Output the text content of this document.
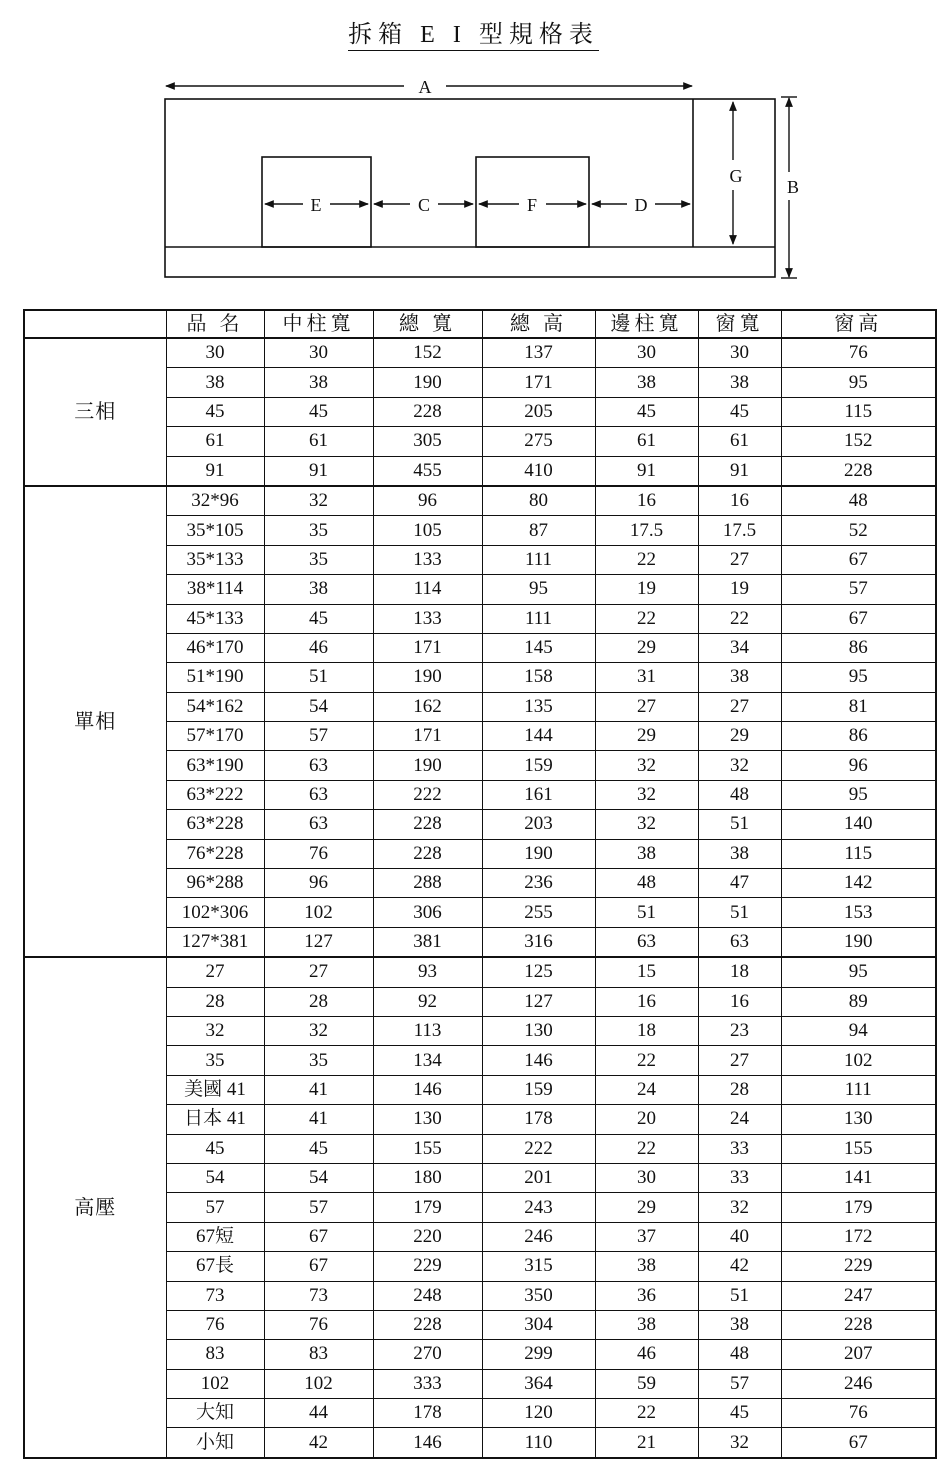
拆箱 E I 型規格表
A
E	C	F	D
G
B
	品 名	中柱寬	總 寬	總 高	邊柱寬	窗寬	窗高
三相	30	30	152	137	30	30	76
	38	38	190	171	38	38	95
	45	45	228	205	45	45	115
	61	61	305	275	61	61	152
	91	91	455	410	91	91	228
單相	32*96	32	96	80	16	16	48
	35*105	35	105	87	17.5	17.5	52
	35*133	35	133	111	22	27	67
	38*114	38	114	95	19	19	57
	45*133	45	133	111	22	22	67
	46*170	46	171	145	29	34	86
	51*190	51	190	158	31	38	95
	54*162	54	162	135	27	27	81
	57*170	57	171	144	29	29	86
	63*190	63	190	159	32	32	96
	63*222	63	222	161	32	48	95
	63*228	63	228	203	32	51	140
	76*228	76	228	190	38	38	115
	96*288	96	288	236	48	47	142
	102*306	102	306	255	51	51	153
	127*381	127	381	316	63	63	190
高壓	27	27	93	125	15	18	95
	28	28	92	127	16	16	89
	32	32	113	130	18	23	94
	35	35	134	146	22	27	102
	美國 41	41	146	159	24	28	111
	日本 41	41	130	178	20	24	130
	45	45	155	222	22	33	155
	54	54	180	201	30	33	141
	57	57	179	243	29	32	179
	67短	67	220	246	37	40	172
	67長	67	229	315	38	42	229
	73	73	248	350	36	51	247
	76	76	228	304	38	38	228
	83	83	270	299	46	48	207
	102	102	333	364	59	57	246
	大知	44	178	120	22	45	76
	小知	42	146	110	21	32	67
